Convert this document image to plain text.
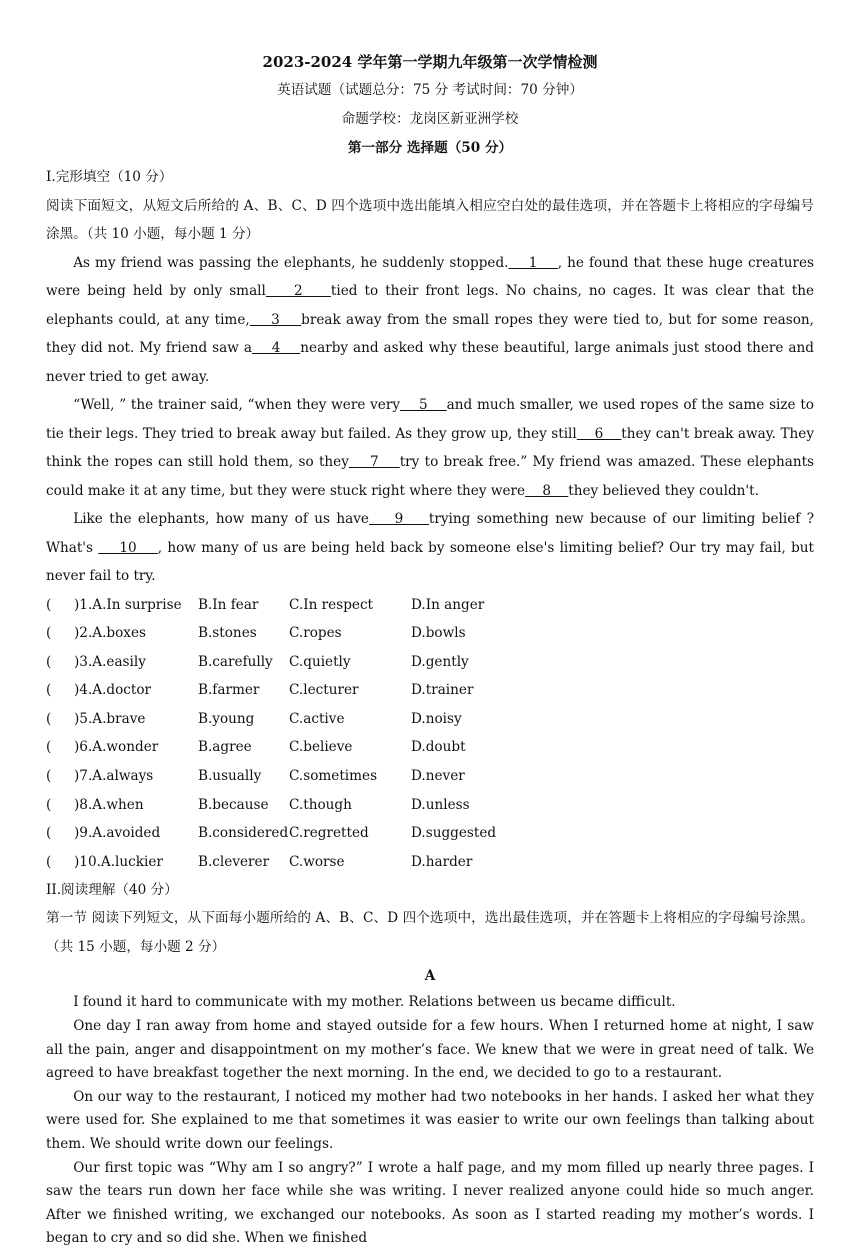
2023-2024 学年第一学期九年级第一次学情检测
英语试题（试题总分：75 分 考试时间：70 分钟）
命题学校：龙岗区新亚洲学校
第一部分 选择题（50 分）
I.完形填空（10 分）
阅读下面短文，从短文后所给的 A、B、C、D 四个选项中选出能填入相应空白处的最佳选项，并在答题卡上将相应的字母编号涂黑。（共 10 小题，每小题 1 分）
As my friend was passing the elephants, he suddenly stopped.    1    , he found that these huge creatures were being held by only small    2    tied to their front legs. No chains, no cages. It was clear that the elephants could, at any time,    3    break away from the small ropes they were tied to, but for some reason, they did not. My friend saw a    4    nearby and asked why these beautiful, large animals just stood there and never tried to get away.
“Well, ” the trainer said, “when they were very    5    and much smaller, we used ropes of the same size to tie their legs. They tried to break away but failed. As they grow up, they still    6    they can't break away. They think the ropes can still hold them, so they    7    try to break free.” My friend was amazed. These elephants could make it at any time, but they were stuck right where they were    8    they believed they couldn't.
Like the elephants, how many of us have    9    trying something new because of our limiting belief ? What's     10    , how many of us are being held back by someone else's limiting belief? Our try may fail, but never fail to try.
(	)1.A.In surprise	B.In fear	C.In respect	D.In anger
(	)2.A.boxes	B.stones	C.ropes	D.bowls
(	)3.A.easily	B.carefully	C.quietly	D.gently
(	)4.A.doctor	B.farmer	C.lecturer	D.trainer
(	)5.A.brave	B.young	C.active	D.noisy
(	)6.A.wonder	B.agree	C.believe	D.doubt
(	)7.A.always	B.usually	C.sometimes	D.never
(	)8.A.when	B.because	C.though	D.unless
(	)9.A.avoided	B.considered C.regretted	D.suggested
(	)10.A.luckier	B.cleverer	C.worse	D.harder
II.阅读理解（40 分）
第一节 阅读下列短文，从下面每小题所给的 A、B、C、D 四个选项中，选出最佳选项，并在答题卡上将相应的字母编号涂黑。（共 15 小题，每小题 2 分）
A

I found it hard to communicate with my mother. Relations between us became difficult.

One day I ran away from home and stayed outside for a few hours. When I returned home at night, I saw all the pain, anger and disappointment on my mother’s face. We knew that we were in great need of talk. We agreed to have breakfast together the next morning. In the end, we decided to go to a restaurant.

On our way to the restaurant, I noticed my mother had two notebooks in her hands. I asked her what they were used for. She explained to me that sometimes it was easier to write our own feelings than talking about them. We should write down our feelings.

Our first topic was “Why am I so angry?” I wrote a half page, and my mom filled up nearly three pages. I saw the tears run down her face while she was writing. I never realized anyone could hide so much anger. After we finished writing, we exchanged our notebooks. As soon as I started reading my mother’s words. I began to cry and so did she. When we finished
